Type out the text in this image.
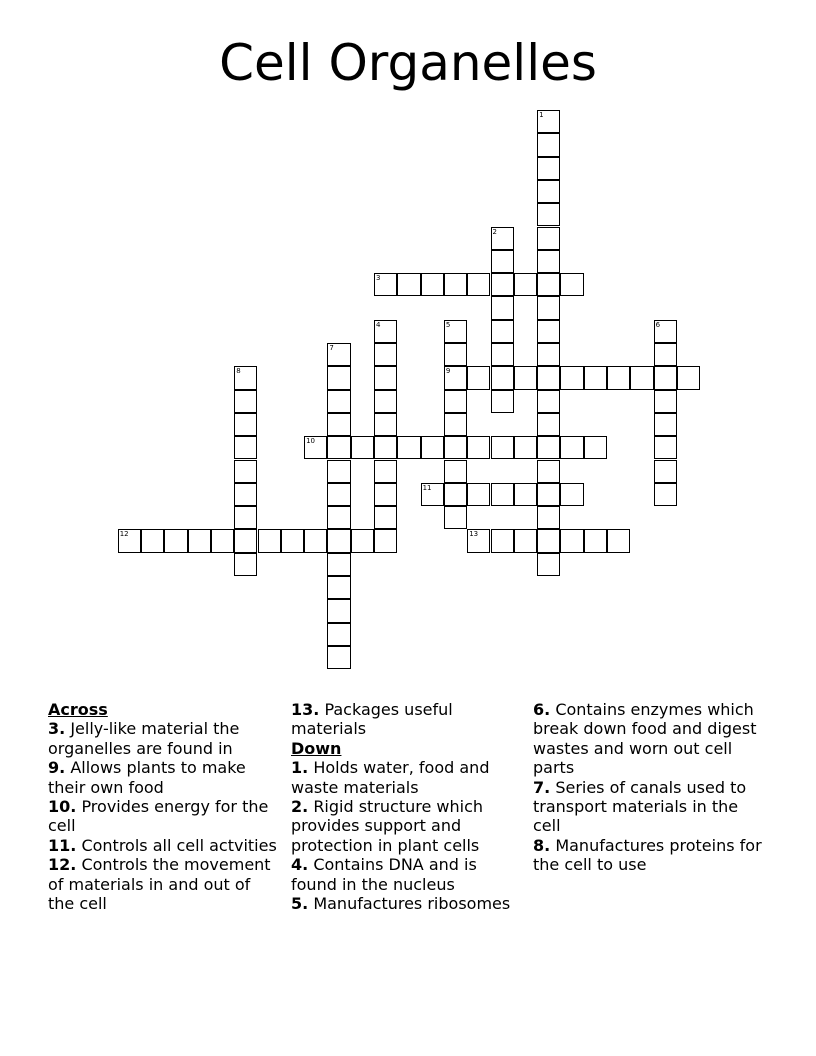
Cell Organelles
1
2
3
4	5
9
6
7
8
10
11
12	13
Across
3. Jelly-like material the organelles are found in
9. Allows plants to make their own food
10. Provides energy for the cell
11. Controls all cell actvities
12. Controls the movement of materials in and out of the cell
13. Packages useful materials
Down
1. Holds water, food and waste materials
2. Rigid structure which provides support and protection in plant cells
4. Contains DNA and is found in the nucleus
5. Manufactures ribosomes
6. Contains enzymes which break down food and digest wastes and worn out cell parts
7. Series of canals used to transport materials in the cell
8. Manufactures proteins for the cell to use
